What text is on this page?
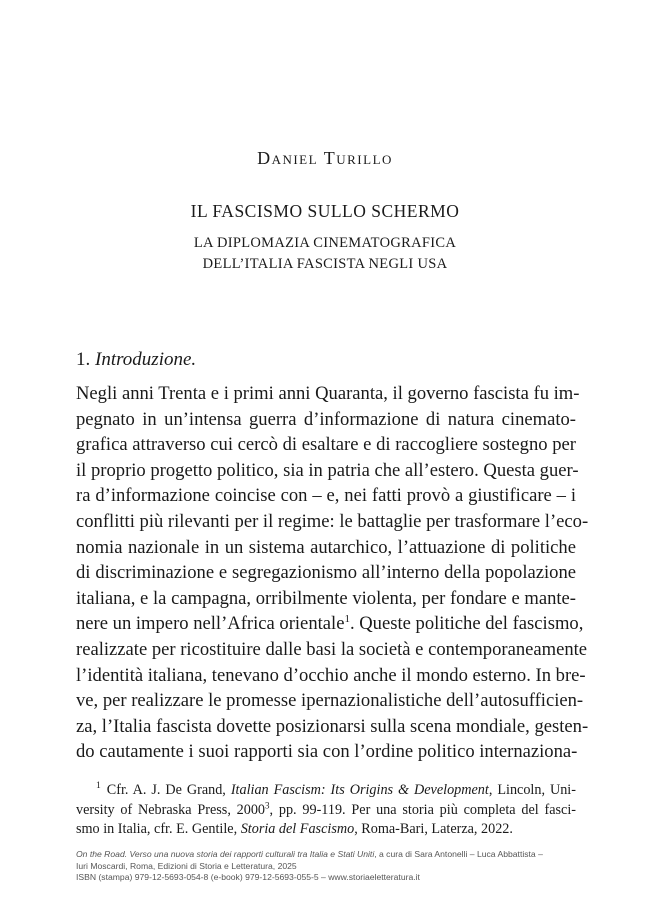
Daniel Turillo
IL FASCISMO SULLO SCHERMO
LA DIPLOMAZIA CINEMATOGRAFICA
DELL’ITALIA FASCISTA NEGLI USA
1. Introduzione.
Negli anni Trenta e i primi anni Quaranta, il governo fascista fu im-
pegnato in un’intensa guerra d’informazione di natura cinemato-
grafica attraverso cui cercò di esaltare e di raccogliere sostegno per
il proprio progetto politico, sia in patria che all’estero. Questa guer-
ra d’informazione coincise con – e, nei fatti provò a giustificare – i
conflitti più rilevanti per il regime: le battaglie per trasformare l’eco-
nomia nazionale in un sistema autarchico, l’attuazione di politiche
di discriminazione e segregazionismo all’interno della popolazione
italiana, e la campagna, orribilmente violenta, per fondare e mante-
nere un impero nell’Africa orientale$^1$. Queste politiche del fascismo,
realizzate per ricostituire dalle basi la società e contemporaneamente
l’identità italiana, tenevano d’occhio anche il mondo esterno. In bre-
ve, per realizzare le promesse ipernazionalistiche dell’autosufficien-
za, l’Italia fascista dovette posizionarsi sulla scena mondiale, gesten-
do cautamente i suoi rapporti sia con l’ordine politico internaziona-
$^1$ Cfr. A. J. De Grand, Italian Fascism: Its Origins & Development, Lincoln, Uni-
versity of Nebraska Press, 2000$^3$, pp. 99-119. Per una storia più completa del fasci-
smo in Italia, cfr. E. Gentile, Storia del Fascismo, Roma-Bari, Laterza, 2022.
On the Road. Verso una nuova storia dei rapporti culturali tra Italia e Stati Uniti, a cura di Sara Antonelli – Luca Abbattista –
Iuri Moscardi, Roma, Edizioni di Storia e Letteratura, 2025
ISBN (stampa) 979-12-5693-054-8 (e-book) 979-12-5693-055-5 – www.storiaeletteratura.it
